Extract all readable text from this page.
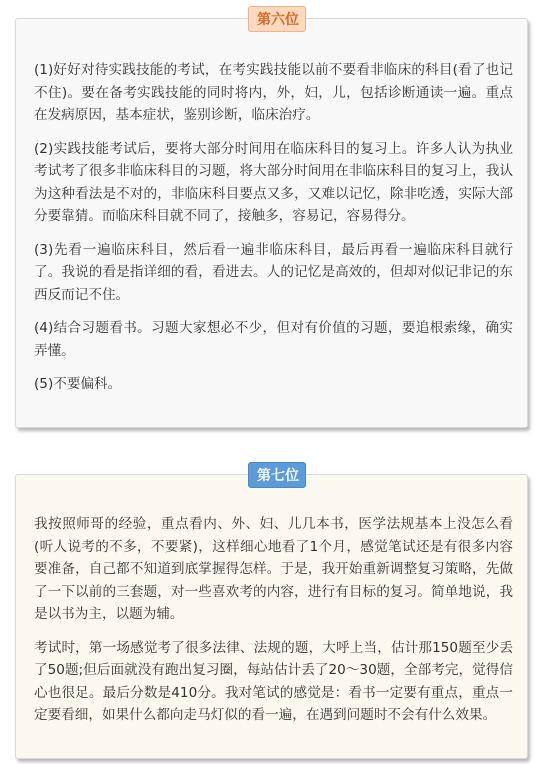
第六位

(1)好好对待实践技能的考试，在考实践技能以前不要看非临床的科目(看了也记不住)。要在备考实践技能的同时将内，外，妇，儿，包括诊断通读一遍。重点在发病原因，基本症状，鉴别诊断，临床治疗。

(2)实践技能考试后，要将大部分时间用在临床科目的复习上。许多人认为执业考试考了很多非临床科目的习题，将大部分时间用在非临床科目的复习上，我认为这种看法是不对的，非临床科目要点又多，又难以记忆，除非吃透，实际大部分要靠猜。而临床科目就不同了，接触多，容易记，容易得分。

(3)先看一遍临床科目，然后看一遍非临床科目，最后再看一遍临床科目就行了。我说的看是指详细的看，看进去。人的记忆是高效的，但却对似记非记的东西反而记不住。

(4)结合习题看书。习题大家想必不少，但对有价值的习题，要追根索缘，确实弄懂。

(5)不要偏科。

第七位

我按照师哥的经验，重点看内、外、妇、儿几本书，医学法规基本上没怎么看(听人说考的不多，不要紧)，这样细心地看了1个月，感觉笔试还是有很多内容要准备，自己都不知道到底掌握得怎样。于是，我开始重新调整复习策略，先做了一下以前的三套题，对一些喜欢考的内容，进行有目标的复习。简单地说，我是以书为主，以题为辅。

考试时，第一场感觉考了很多法律、法规的题，大呼上当，估计那150题至少丢了50题;但后面就没有跑出复习圈，每站估计丢了20～30题，全部考完，觉得信心也很足。最后分数是410分。我对笔试的感觉是：看书一定要有重点，重点一定要看细，如果什么都向走马灯似的看一遍，在遇到问题时不会有什么效果。
